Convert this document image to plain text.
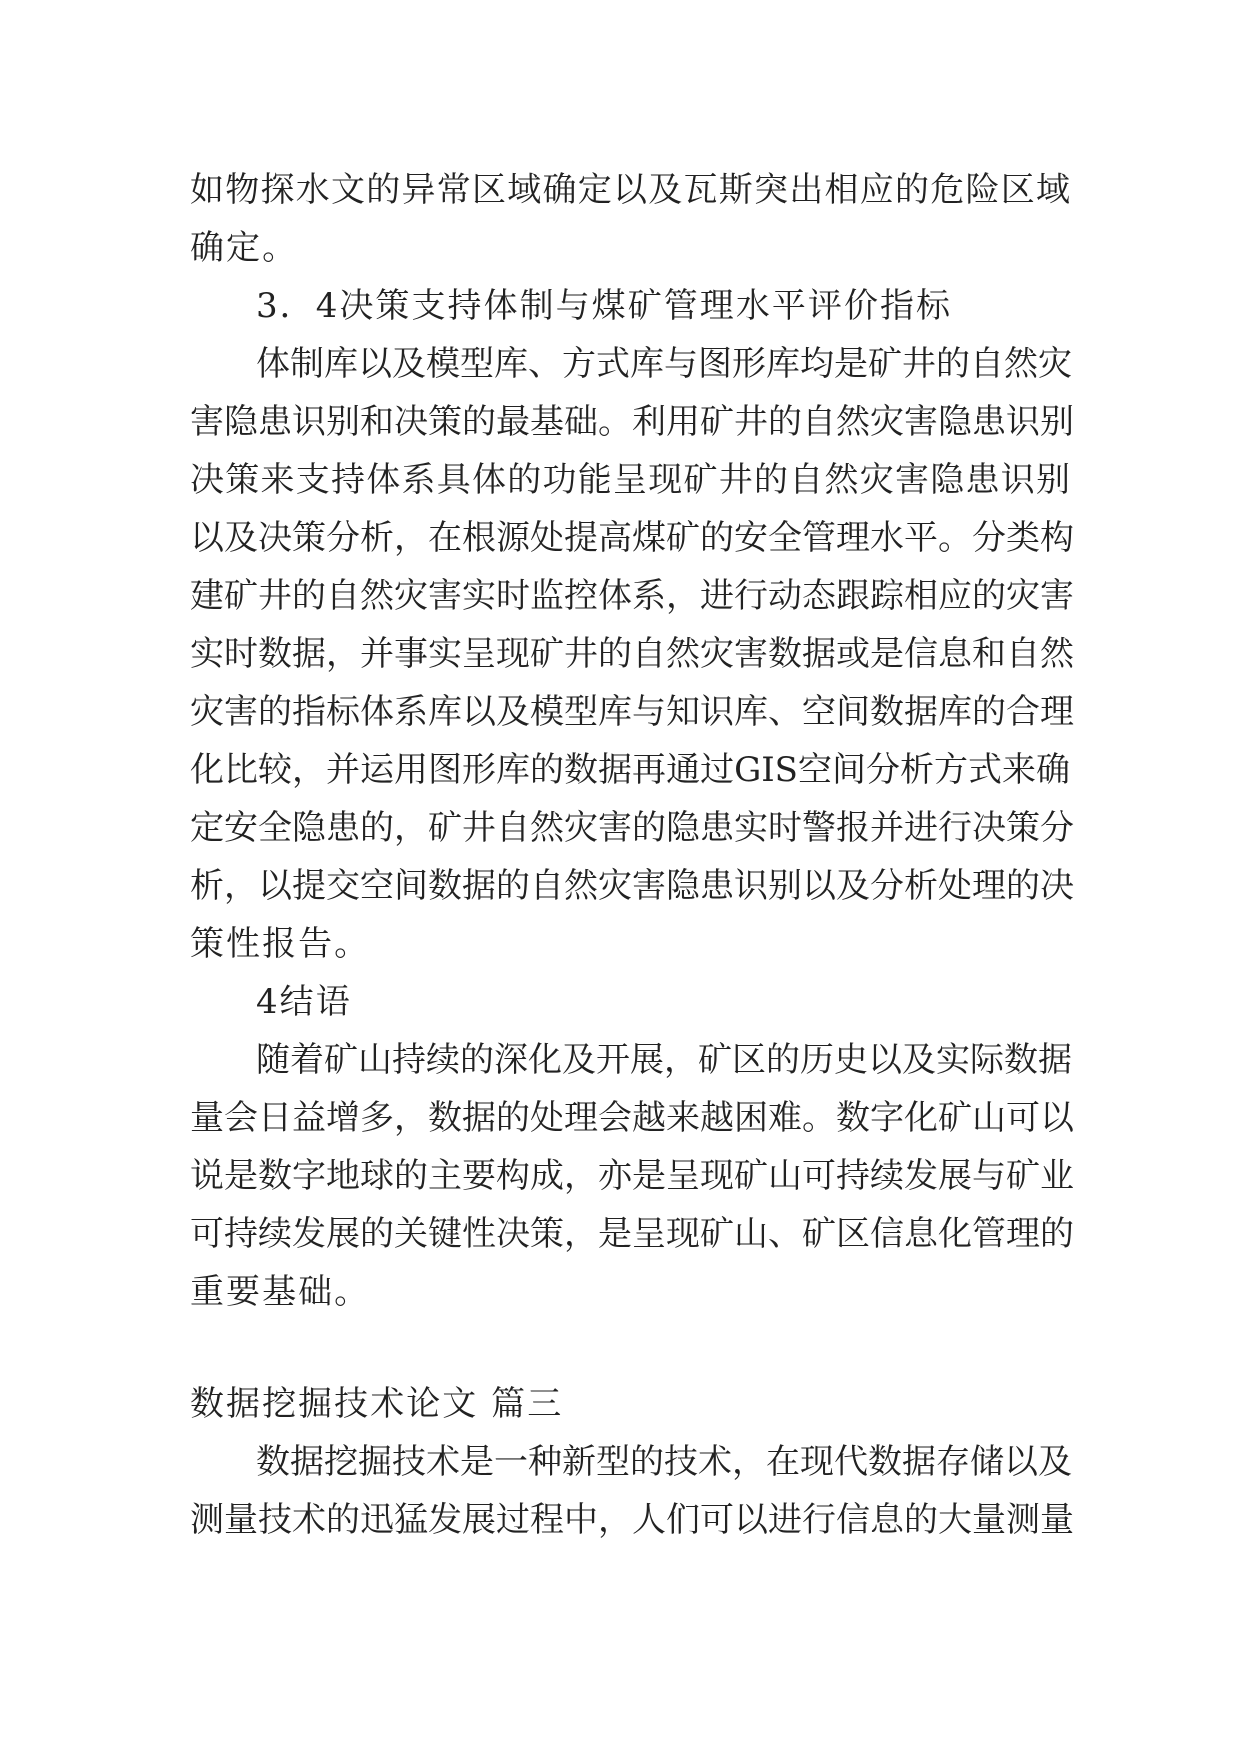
如物探水文的异常区域确定以及瓦斯突出相应的危险区域
确定。
3．4决策支持体制与煤矿管理水平评价指标
体制库以及模型库、方式库与图形库均是矿井的自然灾
害隐患识别和决策的最基础。利用矿井的自然灾害隐患识别
决策来支持体系具体的功能呈现矿井的自然灾害隐患识别
以及决策分析，在根源处提高煤矿的安全管理水平。分类构
建矿井的自然灾害实时监控体系，进行动态跟踪相应的灾害
实时数据，并事实呈现矿井的自然灾害数据或是信息和自然
灾害的指标体系库以及模型库与知识库、空间数据库的合理
化比较，并运用图形库的数据再通过GIS空间分析方式来确
定安全隐患的，矿井自然灾害的隐患实时警报并进行决策分
析，以提交空间数据的自然灾害隐患识别以及分析处理的决
策性报告。
4结语
随着矿山持续的深化及开展，矿区的历史以及实际数据
量会日益增多，数据的处理会越来越困难。数字化矿山可以
说是数字地球的主要构成，亦是呈现矿山可持续发展与矿业
可持续发展的关键性决策，是呈现矿山、矿区信息化管理的
重要基础。
数据挖掘技术论文 篇三
数据挖掘技术是一种新型的技术，在现代数据存储以及
测量技术的迅猛发展过程中，人们可以进行信息的大量测量
